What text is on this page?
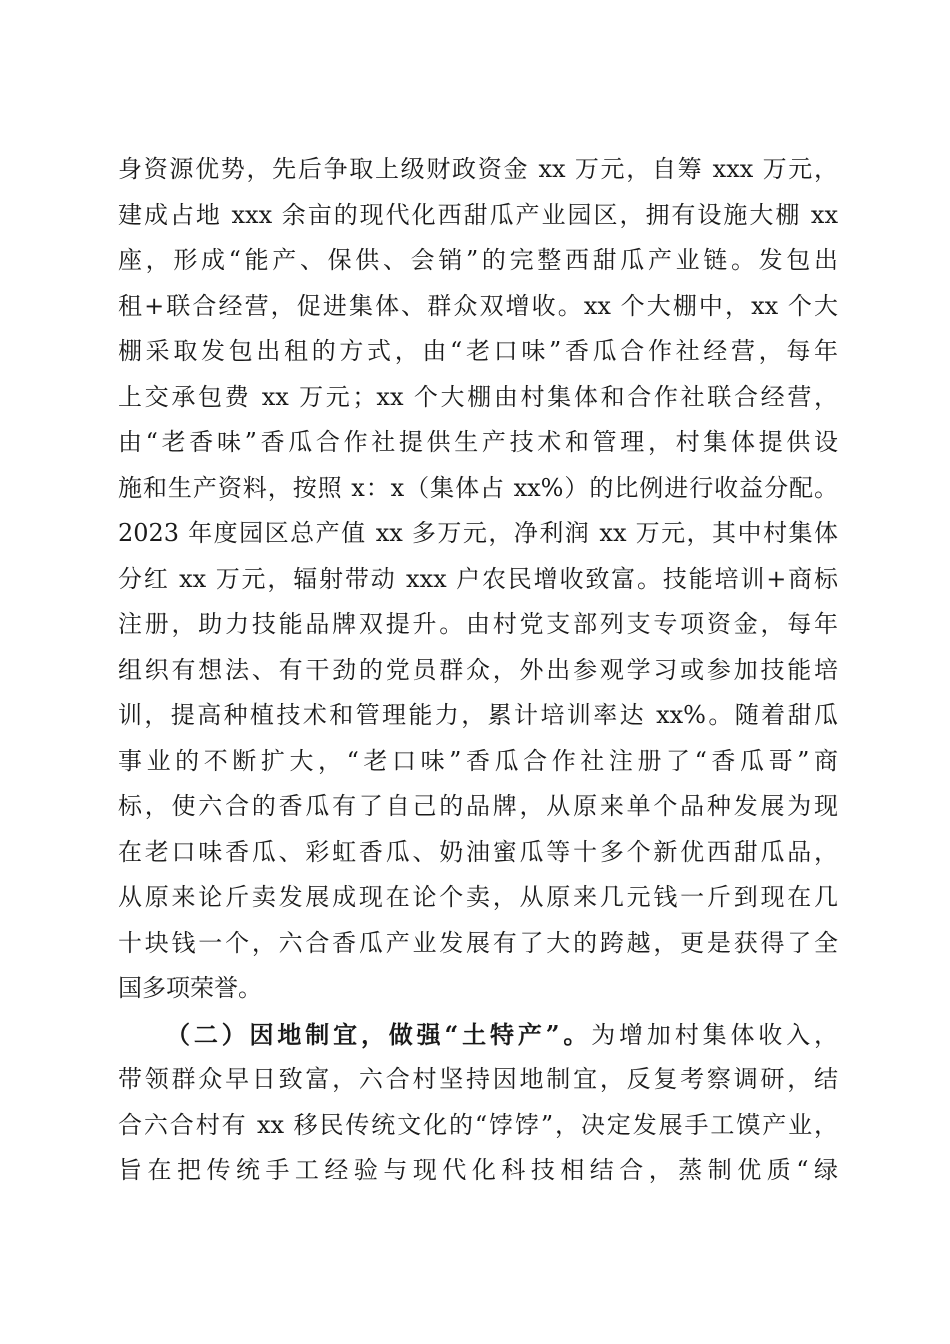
身资源优势，先后争取上级财政资金 xx 万元，自筹 xxx 万元，
建成占地 xxx 余亩的现代化西甜瓜产业园区，拥有设施大棚 xx
座，形成“能产、保供、会销”的完整西甜瓜产业链。发包出
租+联合经营，促进集体、群众双增收。xx 个大棚中，xx 个大
棚采取发包出租的方式，由“老口味”香瓜合作社经营，每年
上交承包费 xx 万元；xx 个大棚由村集体和合作社联合经营，
由“老香味”香瓜合作社提供生产技术和管理，村集体提供设
施和生产资料，按照 x：x（集体占 xx%）的比例进行收益分配。
2023 年度园区总产值 xx 多万元，净利润 xx 万元，其中村集体
分红 xx 万元，辐射带动 xxx 户农民增收致富。技能培训+商标
注册，助力技能品牌双提升。由村党支部列支专项资金，每年
组织有想法、有干劲的党员群众，外出参观学习或参加技能培
训，提高种植技术和管理能力，累计培训率达 xx%。随着甜瓜
事业的不断扩大，“老口味”香瓜合作社注册了“香瓜哥”商
标，使六合的香瓜有了自己的品牌，从原来单个品种发展为现
在老口味香瓜、彩虹香瓜、奶油蜜瓜等十多个新优西甜瓜品，
从原来论斤卖发展成现在论个卖，从原来几元钱一斤到现在几
十块钱一个，六合香瓜产业发展有了大的跨越，更是获得了全
国多项荣誉。
（二）因地制宜，做强“土特产”。为增加村集体收入，
带领群众早日致富，六合村坚持因地制宜，反复考察调研，结
合六合村有 xx 移民传统文化的“饽饽”，决定发展手工馍产业，
旨在把传统手工经验与现代化科技相结合，蒸制优质“绿
